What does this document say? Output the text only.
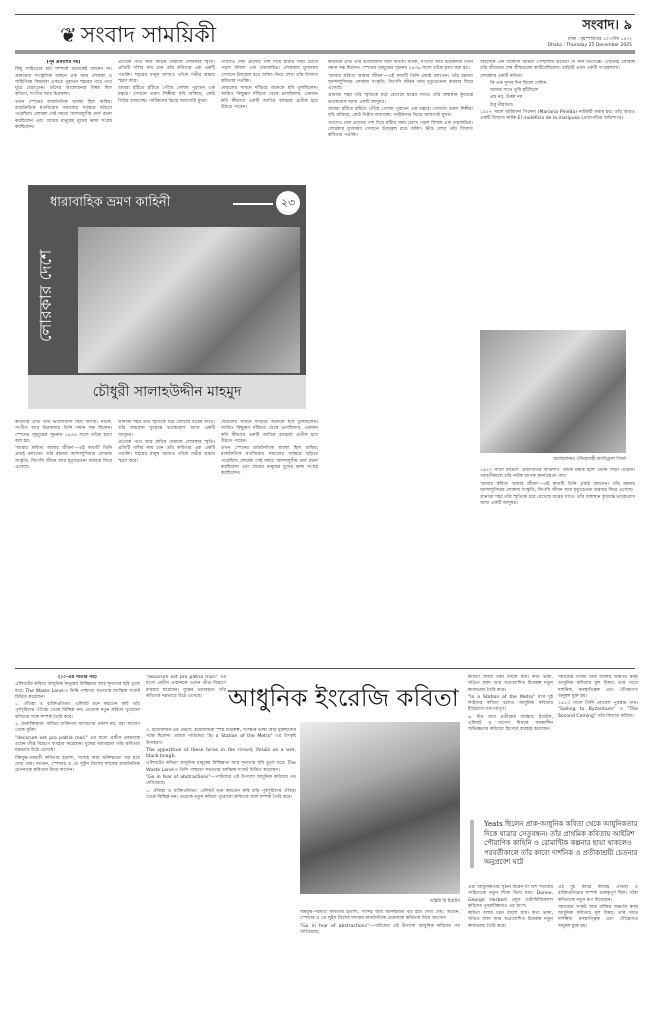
❦ সংবাদ সাময়িকী	সংবাদ। ৯
ঢাকা : বৃহস্পতিবার ১০ পৌষ ১৪৩২
Dhaka : Thursday 25 December 2025

(পূর্ব প্রকাশের পর)

কিছু সাহিত্যের চর্চা সম্পর্কে অনেকেই জানেন না। গ্রানাডার সাংস্কৃতিক অঙ্গনে এক সময় লোরকা ও সাহিত্যিক বিদ্বানরা একত্রে পুরাতন শহরের পথে পথে ঘুরে বেড়াতেন। তাঁদের আলোচনার বিষয় ছিল কবিতা, সংগীত আর চিত্রকলা।

তখন স্পেনের রাজনৈতিক অবস্থা ছিল অস্থির। রাজনৈতিক মতবিরোধ সমাজের সর্বস্তরে ছড়িয়ে পড়েছিল। লোরকা সেই সময়ে 'আন্দালুসীয় গান' রচনা করছিলেন এবং গ্রামের মানুষের মুখের ভাষা সংগ্রহ করছিলেন।

প্রত্যেক পথে আর বাড়ির দেয়ালে লোরকার স্মৃতি। প্রতিটি গলির নাম যেন তাঁর কবিতার এক একটি পঙক্তি। শহরের মানুষ আজও তাঁকে গভীর শ্রদ্ধায় স্মরণ করে।

আমরা হাঁটতে হাঁটতে পৌঁছে গেলাম পুরাতন এক চত্বরে। সেখানে তরুণ শিল্পীরা ছবি আঁকছে, কেউ গিটার বাজাচ্ছে। পর্যটকদের ভিড়ে জায়গাটা মুখর।

প্যাসেও দেল প্রাদোর পাশ দিয়ে হাঁটার সময় চোখে পড়ল বিশাল এক দেয়ালচিত্র। লোরকার মুখাবয়ব সেখানে উজ্জ্বল রঙে আঁকা। নিচে লেখা তাঁর বিখ্যাত কবিতার পঙক্তি।

দেয়ালের সামনে দাঁড়িয়ে অনেকে ছবি তুলছিলেন। আমিও কিছুক্ষণ দাঁড়িয়ে থেকে ভাবছিলাম, একজন কবি কীভাবে একটি জাতির আত্মার প্রতীক হয়ে উঠতে পারেন।

ধারাবাহিক ভ্রমণ কাহিনী	২৩
লোরকার দেশে
চৌধুরী সালাহউদ্দীন মাহমুদ

কবিতার প্রতি তাঁর ভালোবাসা ছিল অগাধ। নাটক, সংগীত আর চিত্রকলায় তিনি সমান দক্ষ ছিলেন। স্পেনের গৃহযুদ্ধের সূচনায় ১৯৩৬ সালে তাঁকে হত্যা করা হয়।

'আমার কবিতা আমার জীবন'—এই কথাটি তিনি প্রায়ই বলতেন। তাঁর রচনায় আন্দালুসিয়ার লোকজ সংস্কৃতি, জিপসি জীবন আর মৃত্যুচেতনা বারবার ফিরে এসেছে।

গ্রানাডা শহর তাঁর স্মৃতিকে ধরে রেখেছে যত্নের সাথে। তাঁর জন্মস্থান ফুয়েন্তে ভাকেরোস আজ একটি জাদুঘর।

প্রত্যেক পথে আর বাড়ির দেয়ালে লোরকার স্মৃতি। প্রতিটি গলির নাম যেন তাঁর কবিতার এক একটি পঙক্তি। শহরের মানুষ আজও তাঁকে গভীর শ্রদ্ধায় স্মরণ করে।

দেয়ালের সামনে দাঁড়িয়ে অনেকে ছবি তুলছিলেন। আমিও কিছুক্ষণ দাঁড়িয়ে থেকে ভাবছিলাম, একজন কবি কীভাবে একটি জাতির আত্মার প্রতীক হয়ে উঠতে পারেন।

তখন স্পেনের রাজনৈতিক অবস্থা ছিল অস্থির। রাজনৈতিক মতবিরোধ সমাজের সর্বস্তরে ছড়িয়ে পড়েছিল। লোরকা সেই সময়ে 'আন্দালুসীয় গান' রচনা করছিলেন এবং গ্রামের মানুষের মুখের ভাষা সংগ্রহ করছিলেন।

কবিতার প্রতি তাঁর ভালোবাসা ছিল অগাধ। নাটক, সংগীত আর চিত্রকলায় তিনি সমান দক্ষ ছিলেন। স্পেনের গৃহযুদ্ধের সূচনায় ১৯৩৬ সালে তাঁকে হত্যা করা হয়।

'আমার কবিতা আমার জীবন'—এই কথাটি তিনি প্রায়ই বলতেন। তাঁর রচনায় আন্দালুসিয়ার লোকজ সংস্কৃতি, জিপসি জীবন আর মৃত্যুচেতনা বারবার ফিরে এসেছে।

গ্রানাডা শহর তাঁর স্মৃতিকে ধরে রেখেছে যত্নের সাথে। তাঁর জন্মস্থান ফুয়েন্তে ভাকেরোস আজ একটি জাদুঘর।

আমরা হাঁটতে হাঁটতে পৌঁছে গেলাম পুরাতন এক চত্বরে। সেখানে তরুণ শিল্পীরা ছবি আঁকছে, কেউ গিটার বাজাচ্ছে। পর্যটকদের ভিড়ে জায়গাটা মুখর।

প্যাসেও দেল প্রাদোর পাশ দিয়ে হাঁটার সময় চোখে পড়ল বিশাল এক দেয়ালচিত্র। লোরকার মুখাবয়ব সেখানে উজ্জ্বল রঙে আঁকা। নিচে লেখা তাঁর বিখ্যাত কবিতার পঙক্তি।

অবশেষে এক বিকেলে আমরা পৌঁছালাম উয়ের্তা দে সান ভিসেন্তে। এখানেই লোরকা তাঁর জীবনের শেষ গ্রীষ্মগুলো কাটিয়েছিলেন। বাড়িটি এখন একটি সংগ্রহশালা।

লোরকার একটি কবিতা:

কি এক সুন্দর দিন ছিলো সেদিন

আমার সাথে তুমি হাঁটছিলে

প্রশ্ন নয়, উত্তর নয়

শুধু নীরবতা।

১৯২৭ সালে মারিয়ানা পিনেদা (Mariana Pineda) নাটকটি মঞ্চস্থ হয়। তাঁর আরও একটি বিখ্যাত নাটক El maleficio de la mariposa (প্রজাপতির অভিশাপ)।

বার্সেলোনার ঐতিহ্যবাহী ক্যাথিড্রাল গির্জা

১৯২০ সালে মাদ্রিদে 'প্রজাপতির অভিশাপ' নাটক মঞ্চস্থ হলে তেমন সাড়া পড়েনি। পরবর্তীকালে তাঁর নাটক ব্যাপক জনপ্রিয়তা পায়।

'আমার কবিতা আমার জীবন'—এই কথাটি তিনি প্রায়ই বলতেন। তাঁর রচনায় আন্দালুসিয়ার লোকজ সংস্কৃতি, জিপসি জীবন আর মৃত্যুচেতনা বারবার ফিরে এসেছে।

গ্রানাডা শহর তাঁর স্মৃতিকে ধরে রেখেছে যত্নের সাথে। তাঁর জন্মস্থান ফুয়েন্তে ভাকেরোস আজ একটি জাদুঘর।

আধুনিক ইংরেজি কবিতা

(১০-এর পাতার পর)

এলিয়টের কবিতা আধুনিক মানুষের বিচ্ছিন্নতা আর শূন্যতার ছবি তুলে ধরে। The Waste Land-এ তিনি পাশ্চাত্য সভ্যতার আত্মিক সংকট চিত্রিত করেছেন।

১. ঐতিহ্য ও ব্যক্তিপ্রতিভা: এলিয়ট মনে করতেন কবি তাঁর পূর্বসূরিদের ঐতিহ্য থেকে বিচ্ছিন্ন নন। প্রত্যেক নতুন কবিতা পুরোনো কবিতার সঙ্গে সম্পর্ক তৈরি করে।

২. নৈর্ব্যক্তিকতা: কবিতা ব্যক্তিগত আবেগের প্রকাশ নয়, বরং আবেগ থেকে মুক্তি।

"decorum est pro patria mori" এর মতো প্রাচীন প্রবচনকে ওয়েন তীব্র বিদ্রূপে ব্যবহার করেছেন। যুদ্ধের ভয়াবহতা তাঁর কবিতায় নগ্নভাবে উঠে এসেছে।

বিশ্বযুদ্ধ-পরবর্তী কবিতায় হতাশা, সন্দেহ আর অনিশ্চয়তা বড় হয়ে দেখা দেয়। অডেন, স্পেন্ডার ও ডে লুইস ত্রিশের দশকের রাজনৈতিক চেতনাকে কবিতায় নিয়ে আসেন।

"decorum est pro patria mori" এর মতো প্রাচীন প্রবচনকে ওয়েন তীব্র বিদ্রূপে ব্যবহার করেছেন। যুদ্ধের ভয়াবহতা তাঁর কবিতায় নগ্নভাবে উঠে এসেছে।

৩. ইমেজিজম-এর প্রভাব: ইমেজিস্টরা স্পষ্ট চিত্রকল্প, সংক্ষিপ্ত ভাষা আর মুক্তছন্দের পক্ষে ছিলেন। এজরা পাউন্ডের "In a Station of the Metro" এর উৎকৃষ্ট উদাহরণ।

The apparition of these faces in the crowd; Petals on a wet, black bough.

এলিয়টের কবিতা আধুনিক মানুষের বিচ্ছিন্নতা আর শূন্যতার ছবি তুলে ধরে। The Waste Land-এ তিনি পাশ্চাত্য সভ্যতার আত্মিক সংকট চিত্রিত করেছেন।

"Go in fear of abstractions"—পাউন্ডের এই উপদেশ আধুনিক কবিদের পথ দেখিয়েছে।

১. ঐতিহ্য ও ব্যক্তিপ্রতিভা: এলিয়ট মনে করতেন কবি তাঁর পূর্বসূরিদের ঐতিহ্য থেকে বিচ্ছিন্ন নন। প্রত্যেক নতুন কবিতা পুরোনো কবিতার সঙ্গে সম্পর্ক তৈরি করে।

ডব্লিউ বি ইয়েটস

বিশ্বযুদ্ধ-পরবর্তী কবিতায় হতাশা, সন্দেহ আর অনিশ্চয়তা বড় হয়ে দেখা দেয়। অডেন, স্পেন্ডার ও ডে লুইস ত্রিশের দশকের রাজনৈতিক চেতনাকে কবিতায় নিয়ে আসেন।

"Go in fear of abstractions"—পাউন্ডের এই উপদেশ আধুনিক কবিদের পথ দেখিয়েছে।

কবিতা বলার ধরন বদলে যায়। কথ্য ভাষা, খণ্ডিত বাক্য আর অপ্রত্যাশিত চিত্রকল্প নতুন কাব্যভাষা তৈরি করে।

"In a Station of the Metro" মাত্র দুই লাইনের কবিতা হলেও আধুনিক কবিতার ইতিহাসে তাৎপর্যপূর্ণ।

৯. মিথ আর প্রতীকের ব্যবহার: ইয়েটস, এলিয়ট ও জয়েস মিথকে সমকালীন অভিজ্ঞতার কাঠামো হিসেবে ব্যবহার করেছেন।

সমাজের সংকট আর ব্যক্তির অন্তর্গত দ্বন্দ্ব আধুনিক কবিতার মূল বিষয়। তার সাথে দার্শনিক, মনস্তাত্ত্বিক এবং ঐতিহ্যগত অনুষঙ্গ যুক্ত হয়।

১৯২৩ সালে তিনি নোবেল পুরস্কার পান। "Sailing to Byzantium" ও "The Second Coming" তাঁর বিখ্যাত কবিতা।

Yeats ছিলেন প্রাক-আধুনিক কবিতা থেকে আধুনিকতার দিকে যাত্রার সেতুবন্ধন। তাঁর প্রাথমিক কবিতায় আইরিশ পৌরাণিক কাহিনি ও রোমান্টিক কল্পনার ছায়া থাকলেও পরবর্তীকালে তাঁর কাব্যে দার্শনিক ও প্রতীকাশ্রয়ী চেতনার অনুপ্রবেশ ঘটে

এরা আধুনিকতার সূচনা করেন যা বিশ শতকের সাহিত্যকে নতুন দিকে নিয়ে যায়। Donne, George Herbert প্রমুখ মেটাফিজিক্যাল কবিদের পুনরাবিষ্কারও এর অংশ।

কবিতা বলার ধরন বদলে যায়। কথ্য ভাষা, খণ্ডিত বাক্য আর অপ্রত্যাশিত চিত্রকল্প নতুন কাব্যভাষা তৈরি করে।

এই দুই কবির কাছেই ঐতিহ্য ও ব্যক্তিপ্রতিভার সম্পর্ক গুরুত্বপূর্ণ ছিল। তাঁরা কবিতাকে নতুন রূপ দিয়েছেন।

সমাজের সংকট আর ব্যক্তির অন্তর্গত দ্বন্দ্ব আধুনিক কবিতার মূল বিষয়। তার সাথে দার্শনিক, মনস্তাত্ত্বিক এবং ঐতিহ্যগত অনুষঙ্গ যুক্ত হয়।
